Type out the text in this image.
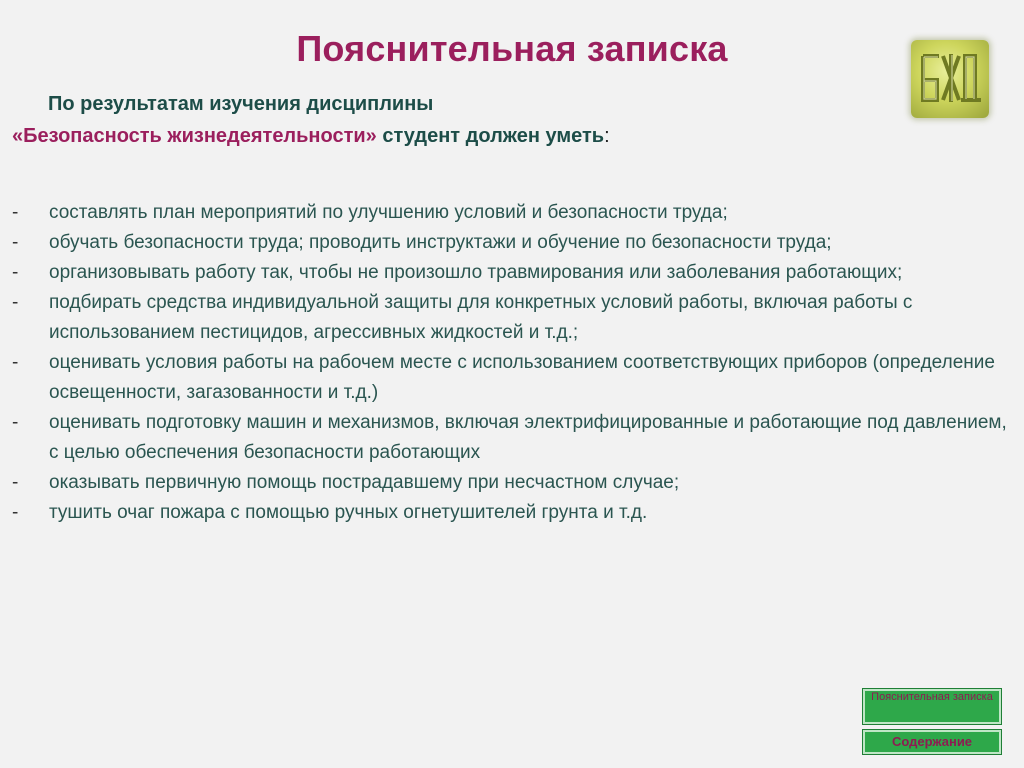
Пояснительная записка
По результатам изучения дисциплины
«Безопасность жизнедеятельности» студент должен уметь:
- составлять план мероприятий по улучшению условий и безопасности труда;
- обучать безопасности труда; проводить инструктажи и обучение по безопасности труда;
- организовывать работу так, чтобы не произошло травмирования или заболевания работающих;
- подбирать средства индивидуальной защиты для конкретных условий работы, включая работы с использованием пестицидов, агрессивных жидкостей и т.д.;
- оценивать условия работы на рабочем месте с использованием соответствующих приборов (определение освещенности, загазованности и т.д.)
- оценивать подготовку машин и механизмов, включая электрифицированные и работающие под давлением, с целью обеспечения безопасности работающих
- оказывать первичную помощь пострадавшему при несчастном случае;
- тушить очаг пожара с помощью ручных огнетушителей грунта и т.д.
Пояснительная записка
Содержание
